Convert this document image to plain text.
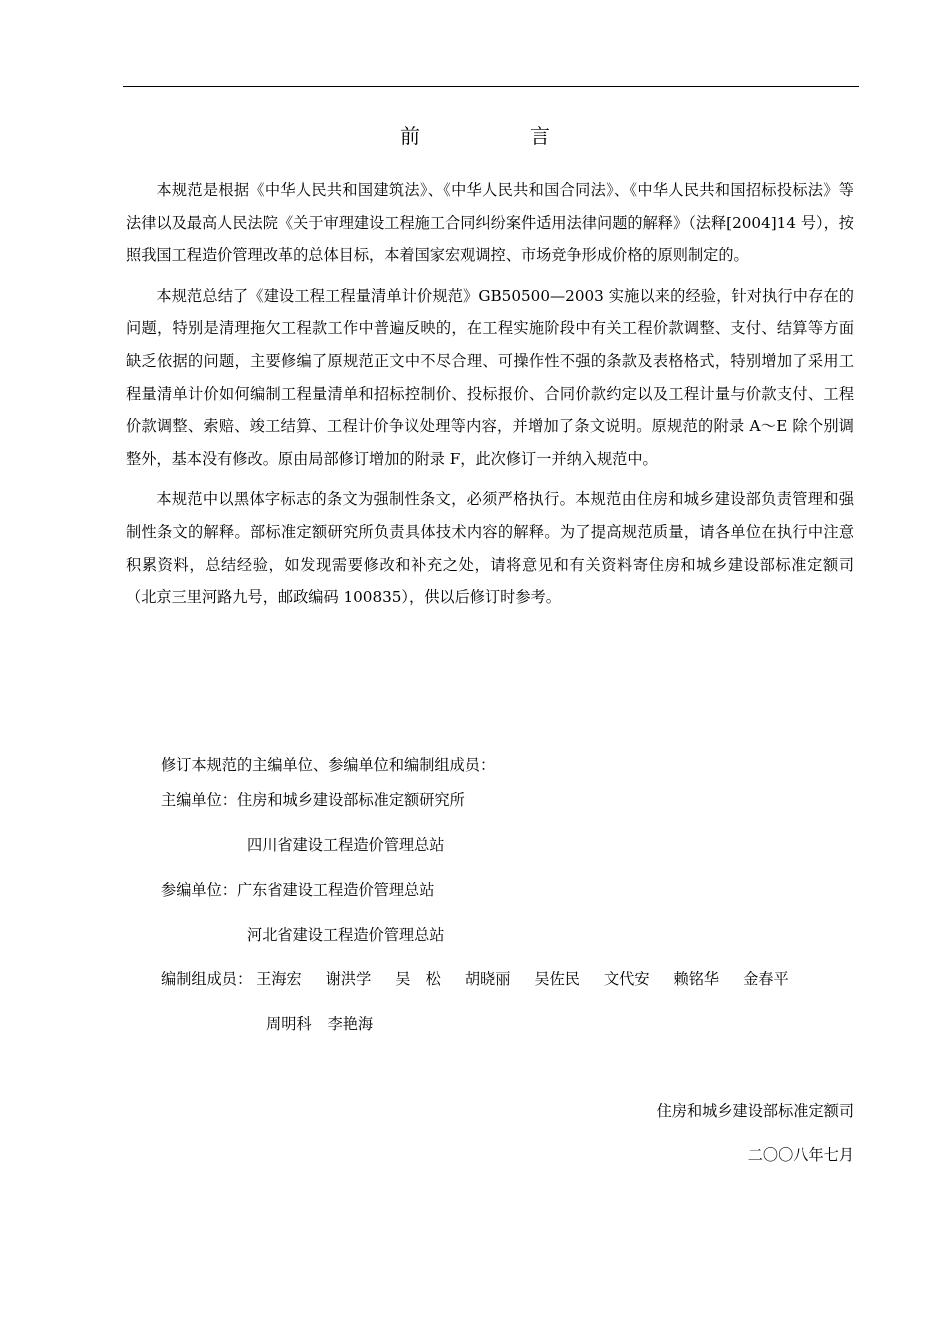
前	言

本规范是根据《中华人民共和国建筑法》、《中华人民共和国合同法》、《中华人民共和国招标投标法》等法律以及最高人民法院《关于审理建设工程施工合同纠纷案件适用法律问题的解释》（法释[2004]14 号），按照我国工程造价管理改革的总体目标，本着国家宏观调控、市场竞争形成价格的原则制定的。

本规范总结了《建设工程工程量清单计价规范》GB50500—2003 实施以来的经验，针对执行中存在的问题，特别是清理拖欠工程款工作中普遍反映的，在工程实施阶段中有关工程价款调整、支付、结算等方面缺乏依据的问题，主要修编了原规范正文中不尽合理、可操作性不强的条款及表格格式，特别增加了采用工程量清单计价如何编制工程量清单和招标控制价、投标报价、合同价款约定以及工程计量与价款支付、工程价款调整、索赔、竣工结算、工程计价争议处理等内容，并增加了条文说明。原规范的附录 A～E 除个别调整外，基本没有修改。原由局部修订增加的附录 F，此次修订一并纳入规范中。

本规范中以黑体字标志的条文为强制性条文，必须严格执行。本规范由住房和城乡建设部负责管理和强制性条文的解释。部标准定额研究所负责具体技术内容的解释。为了提高规范质量，请各单位在执行中注意积累资料，总结经验，如发现需要修改和补充之处，请将意见和有关资料寄住房和城乡建设部标准定额司（北京三里河路九号，邮政编码 100835），供以后修订时参考。

修订本规范的主编单位、参编单位和编制组成员：
主编单位：住房和城乡建设部标准定额研究所
四川省建设工程造价管理总站
参编单位：广东省建设工程造价管理总站
河北省建设工程造价管理总站
编制组成员： 王海宏 谢洪学 吴　松 胡晓丽 吴佐民 文代安 赖铭华 金春平
周明科 李艳海
住房和城乡建设部标准定额司
二〇〇八年七月
